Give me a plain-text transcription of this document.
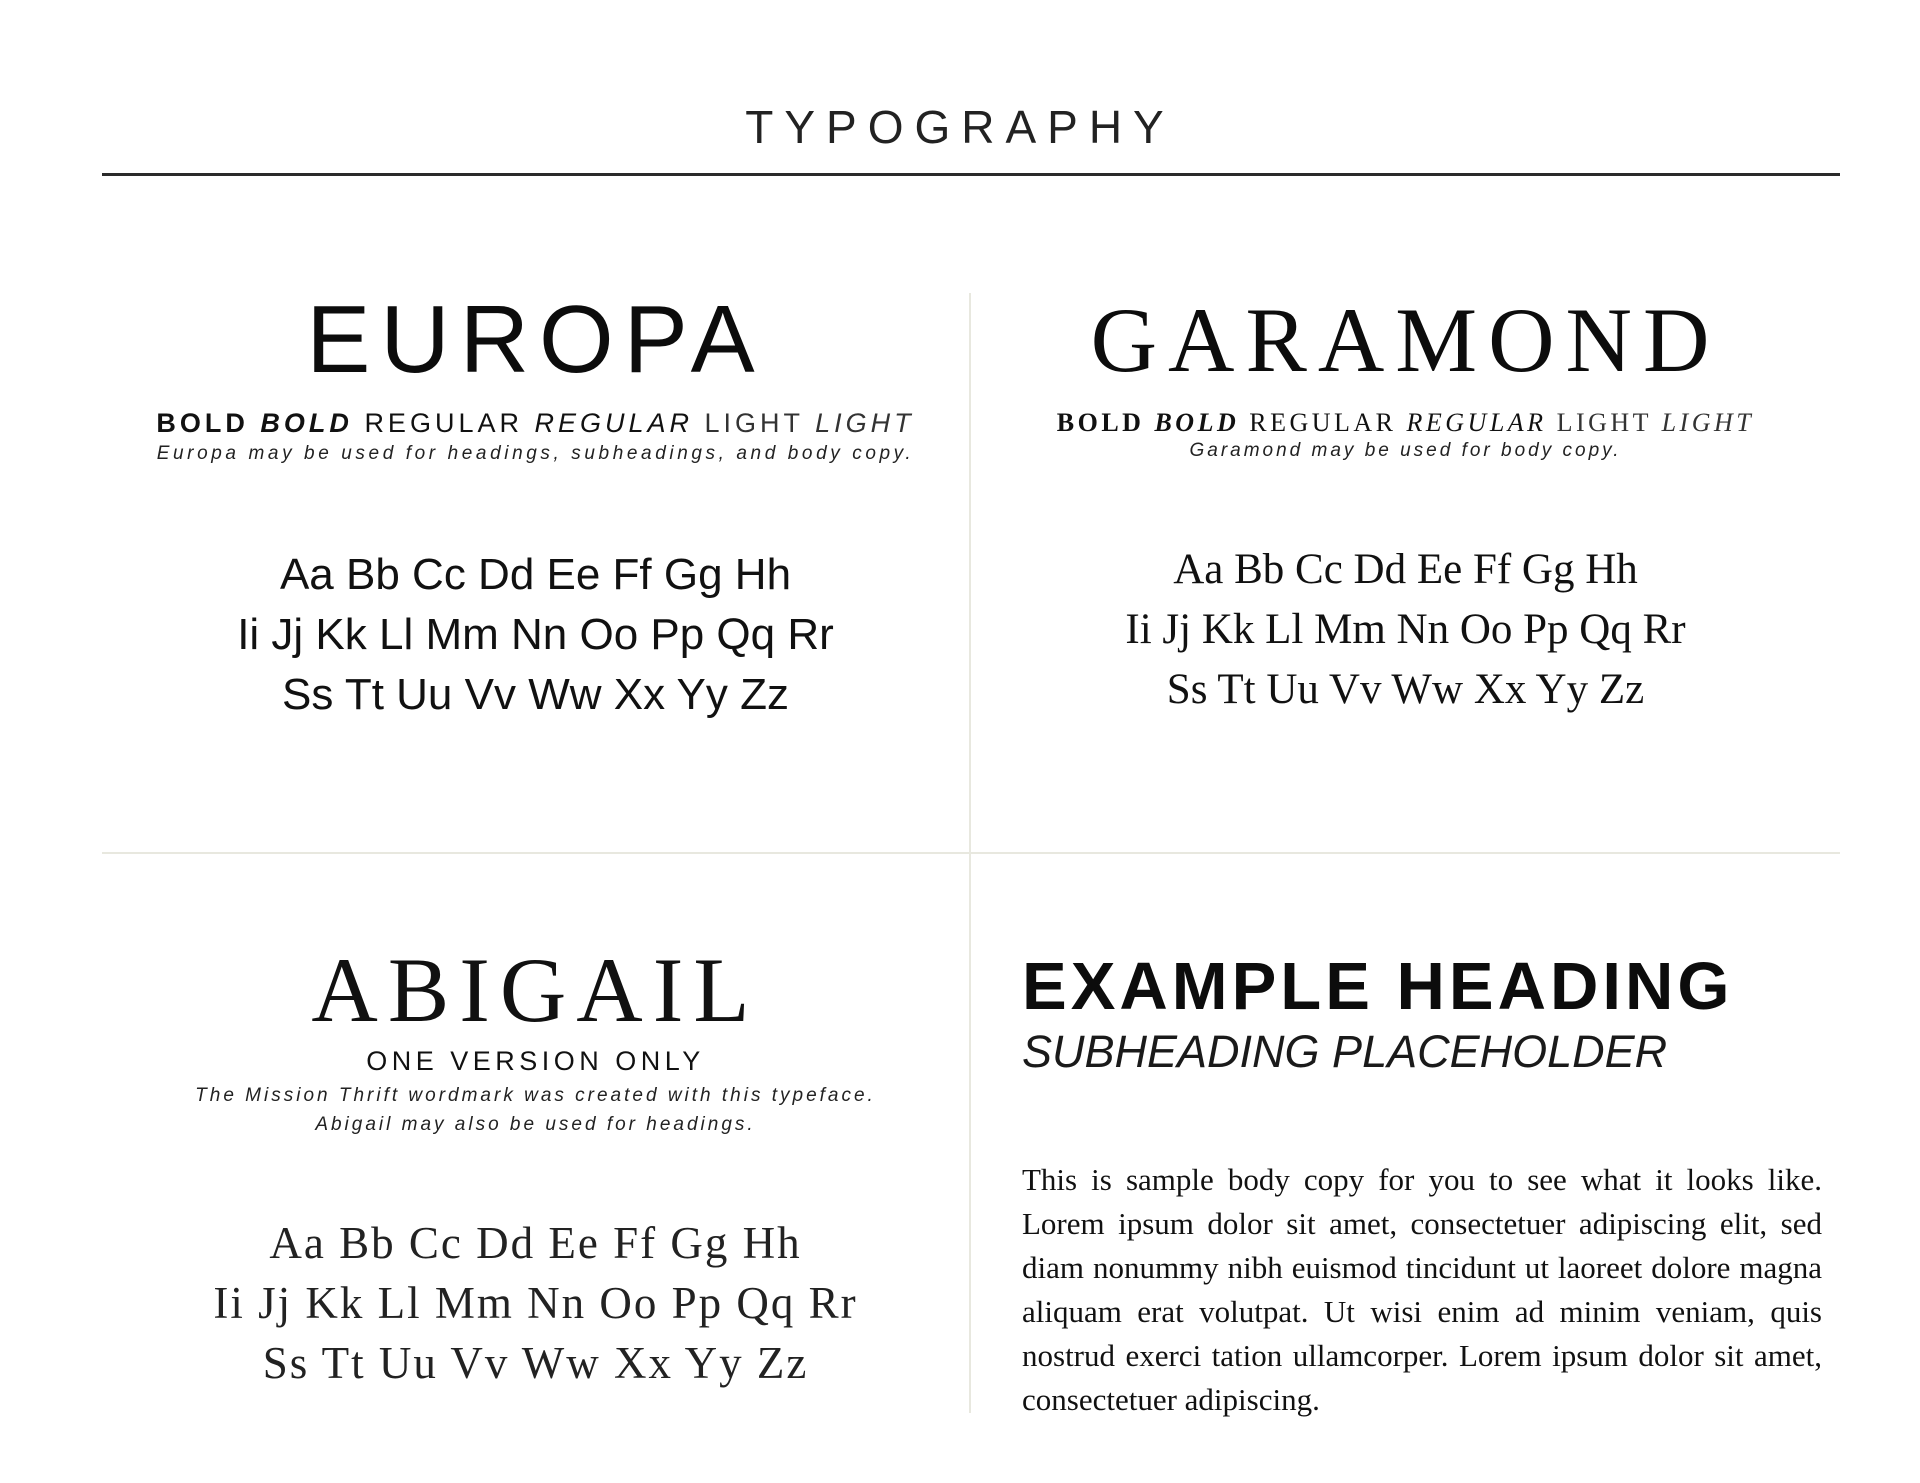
TYPOGRAPHY
EUROPA
BOLD BOLD REGULAR REGULAR LIGHT LIGHT
Europa may be used for headings, subheadings, and body copy.
Aa Bb Cc Dd Ee Ff Gg Hh
Ii Jj Kk Ll Mm Nn Oo Pp Qq Rr
Ss Tt Uu Vv Ww Xx Yy Zz
GARAMOND
BOLD BOLD REGULAR REGULAR LIGHT LIGHT
Garamond may be used for body copy.
Aa Bb Cc Dd Ee Ff Gg Hh
Ii Jj Kk Ll Mm Nn Oo Pp Qq Rr
Ss Tt Uu Vv Ww Xx Yy Zz
ABIGAIL
ONE VERSION ONLY
The Mission Thrift wordmark was created with this typeface.
Abigail may also be used for headings.
Aa Bb Cc Dd Ee Ff Gg Hh
Ii Jj Kk Ll Mm Nn Oo Pp Qq Rr
Ss Tt Uu Vv Ww Xx Yy Zz
EXAMPLE HEADING
SUBHEADING PLACEHOLDER
This is sample body copy for you to see what it looks like. Lorem ipsum dolor sit amet, consectetuer adipiscing elit, sed diam nonummy nibh euismod tincidunt ut laoreet dolore magna aliquam erat volutpat. Ut wisi enim ad minim veniam, quis nostrud exerci tation ullamcorper. Lorem ipsum dolor sit amet, consectetuer adipiscing.
